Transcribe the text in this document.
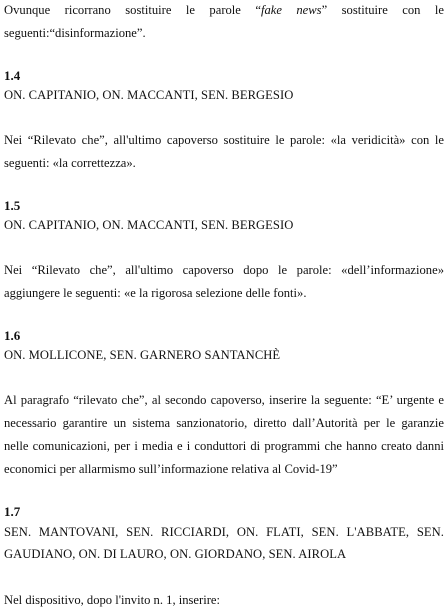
Ovunque ricorrano sostituire le parole “fake news” sostituire con le seguenti:“disinformazione”.

1.4

ON. CAPITANIO, ON. MACCANTI, SEN. BERGESIO

Nei “Rilevato che”, all'ultimo capoverso sostituire le parole: «la veridicità» con le seguenti: «la correttezza».

1.5

ON. CAPITANIO, ON. MACCANTI, SEN. BERGESIO

Nei “Rilevato che”, all'ultimo capoverso dopo le parole: «dell’informazione» aggiungere le seguenti: «e la rigorosa selezione delle fonti».

1.6

ON. MOLLICONE, SEN. GARNERO SANTANCHÈ

Al paragrafo “rilevato che”, al secondo capoverso, inserire la seguente: “E’ urgente e necessario garantire un sistema sanzionatorio, diretto dall’Autorità per le garanzie nelle comunicazioni, per i media e i conduttori di programmi che hanno creato danni economici per allarmismo sull’informazione relativa al Covid-19”

1.7

SEN. MANTOVANI, SEN. RICCIARDI, ON. FLATI, SEN. L'ABBATE, SEN. GAUDIANO, ON. DI LAURO, ON. GIORDANO, SEN. AIROLA

Nel dispositivo, dopo l'invito n. 1, inserire:
